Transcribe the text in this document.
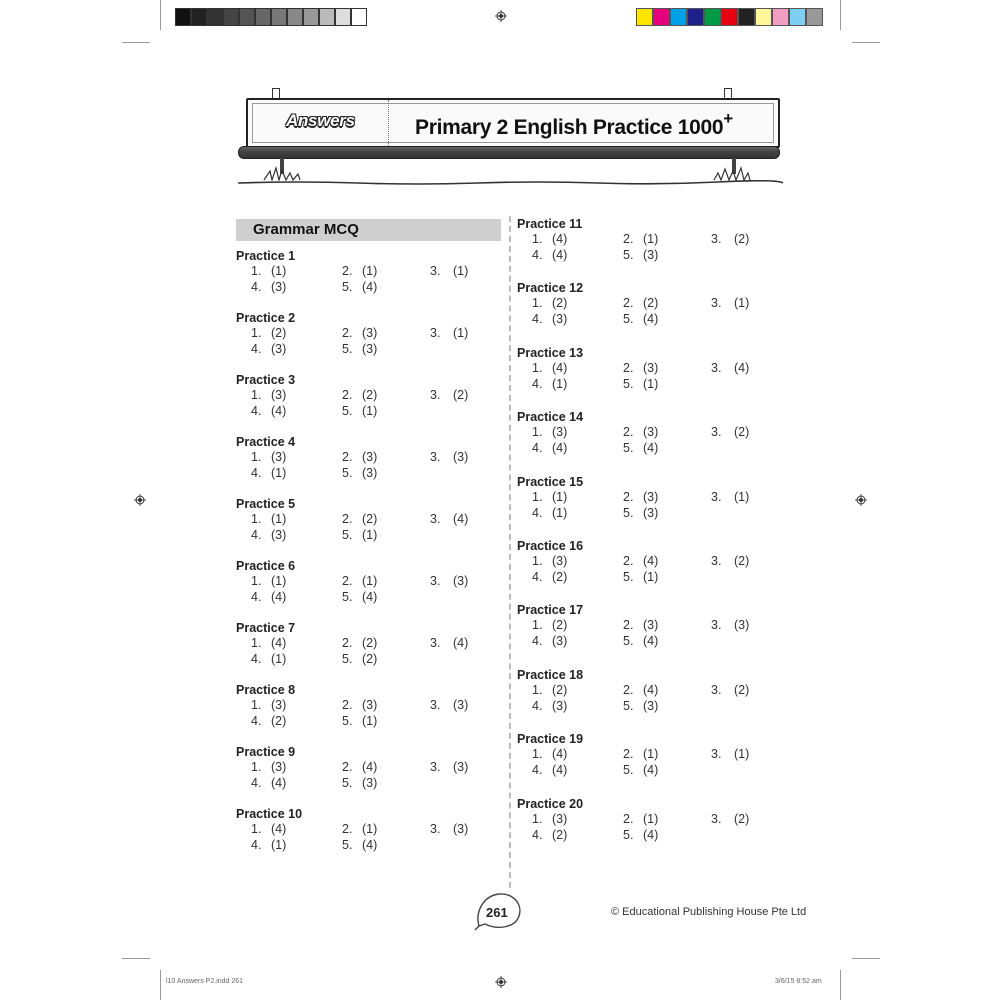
Answers	Primary 2 English Practice 1000+
Grammar MCQ
Practice 1
1. (1)	2. (1)	3. (1)
4. (3)	5. (4)
Practice 2
1. (2)	2. (3)	3. (1)
4. (3)	5. (3)
Practice 3
1. (3)	2. (2)	3. (2)
4. (4)	5. (1)
Practice 4
1. (3)	2. (3)	3. (3)
4. (1)	5. (3)
Practice 5
1. (1)	2. (2)	3. (4)
4. (3)	5. (1)
Practice 6
1. (1)	2. (1)	3. (3)
4. (4)	5. (4)
Practice 7
1. (4)	2. (2)	3. (4)
4. (1)	5. (2)
Practice 8
1. (3)	2. (3)	3. (3)
4. (2)	5. (1)
Practice 9
1. (3)	2. (4)	3. (3)
4. (4)	5. (3)
Practice 10
1. (4)	2. (1)	3. (3)
4. (1)	5. (4)
Practice 11
1. (4)	2. (1)	3. (2)
4. (4)	5. (3)
Practice 12
1. (2)	2. (2)	3. (1)
4. (3)	5. (4)
Practice 13
1. (4)	2. (3)	3. (4)
4. (1)	5. (1)
Practice 14
1. (3)	2. (3)	3. (2)
4. (4)	5. (4)
Practice 15
1. (1)	2. (3)	3. (1)
4. (1)	5. (3)
Practice 16
1. (3)	2. (4)	3. (2)
4. (2)	5. (1)
Practice 17
1. (2)	2. (3)	3. (3)
4. (3)	5. (4)
Practice 18
1. (2)	2. (4)	3. (2)
4. (3)	5. (3)
Practice 19
1. (4)	2. (1)	3. (1)
4. (4)	5. (4)
Practice 20
1. (3)	2. (1)	3. (2)
4. (2)	5. (4)
261	© Educational Publishing House Pte Ltd
l10 Answers P2.indd 261	3/6/15 8:52 am
